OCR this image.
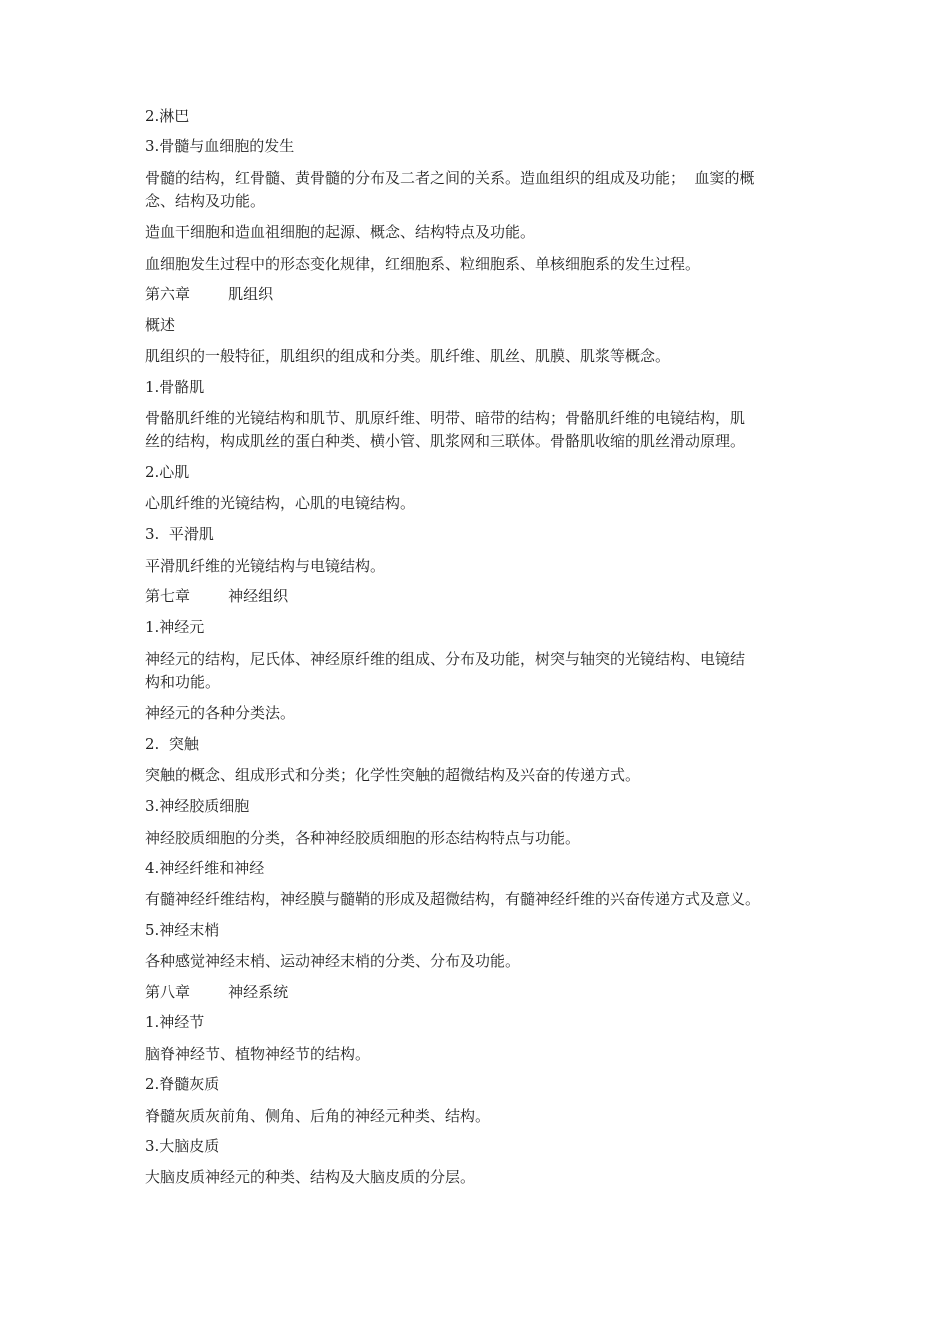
2.淋巴
3.骨髓与血细胞的发生
骨髓的结构，红骨髓、黄骨髓的分布及二者之间的关系。造血组织的组成及功能；  血窦的概
念、结构及功能。
造血干细胞和造血祖细胞的起源、概念、结构特点及功能。
血细胞发生过程中的形态变化规律，红细胞系、粒细胞系、单核细胞系的发生过程。
第六章        肌组织
概述
肌组织的一般特征，肌组织的组成和分类。肌纤维、肌丝、肌膜、肌浆等概念。
1.骨骼肌
骨骼肌纤维的光镜结构和肌节、肌原纤维、明带、暗带的结构；骨骼肌纤维的电镜结构，肌
丝的结构，构成肌丝的蛋白种类、横小管、肌浆网和三联体。骨骼肌收缩的肌丝滑动原理。
2.心肌
心肌纤维的光镜结构，心肌的电镜结构。
3.  平滑肌
平滑肌纤维的光镜结构与电镜结构。
第七章        神经组织
1.神经元
神经元的结构，尼氏体、神经原纤维的组成、分布及功能，树突与轴突的光镜结构、电镜结
构和功能。
神经元的各种分类法。
2.  突触
突触的概念、组成形式和分类；化学性突触的超微结构及兴奋的传递方式。
3.神经胶质细胞
神经胶质细胞的分类，各种神经胶质细胞的形态结构特点与功能。
4.神经纤维和神经
有髓神经纤维结构，神经膜与髓鞘的形成及超微结构，有髓神经纤维的兴奋传递方式及意义。
5.神经末梢
各种感觉神经末梢、运动神经末梢的分类、分布及功能。
第八章        神经系统
1.神经节
脑脊神经节、植物神经节的结构。
2.脊髓灰质
脊髓灰质灰前角、侧角、后角的神经元种类、结构。
3.大脑皮质
大脑皮质神经元的种类、结构及大脑皮质的分层。
